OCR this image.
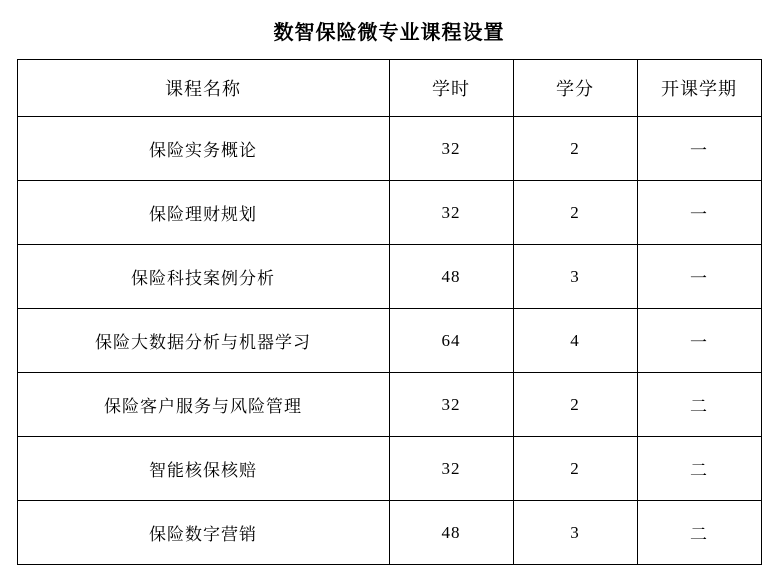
数智保险微专业课程设置
课程名称	学时	学分	开课学期
保险实务概论	32	2	一
保险理财规划	32	2	一
保险科技案例分析	48	3	一
保险大数据分析与机器学习	64	4	一
保险客户服务与风险管理	32	2	二
智能核保核赔	32	2	二
保险数字营销	48	3	二
